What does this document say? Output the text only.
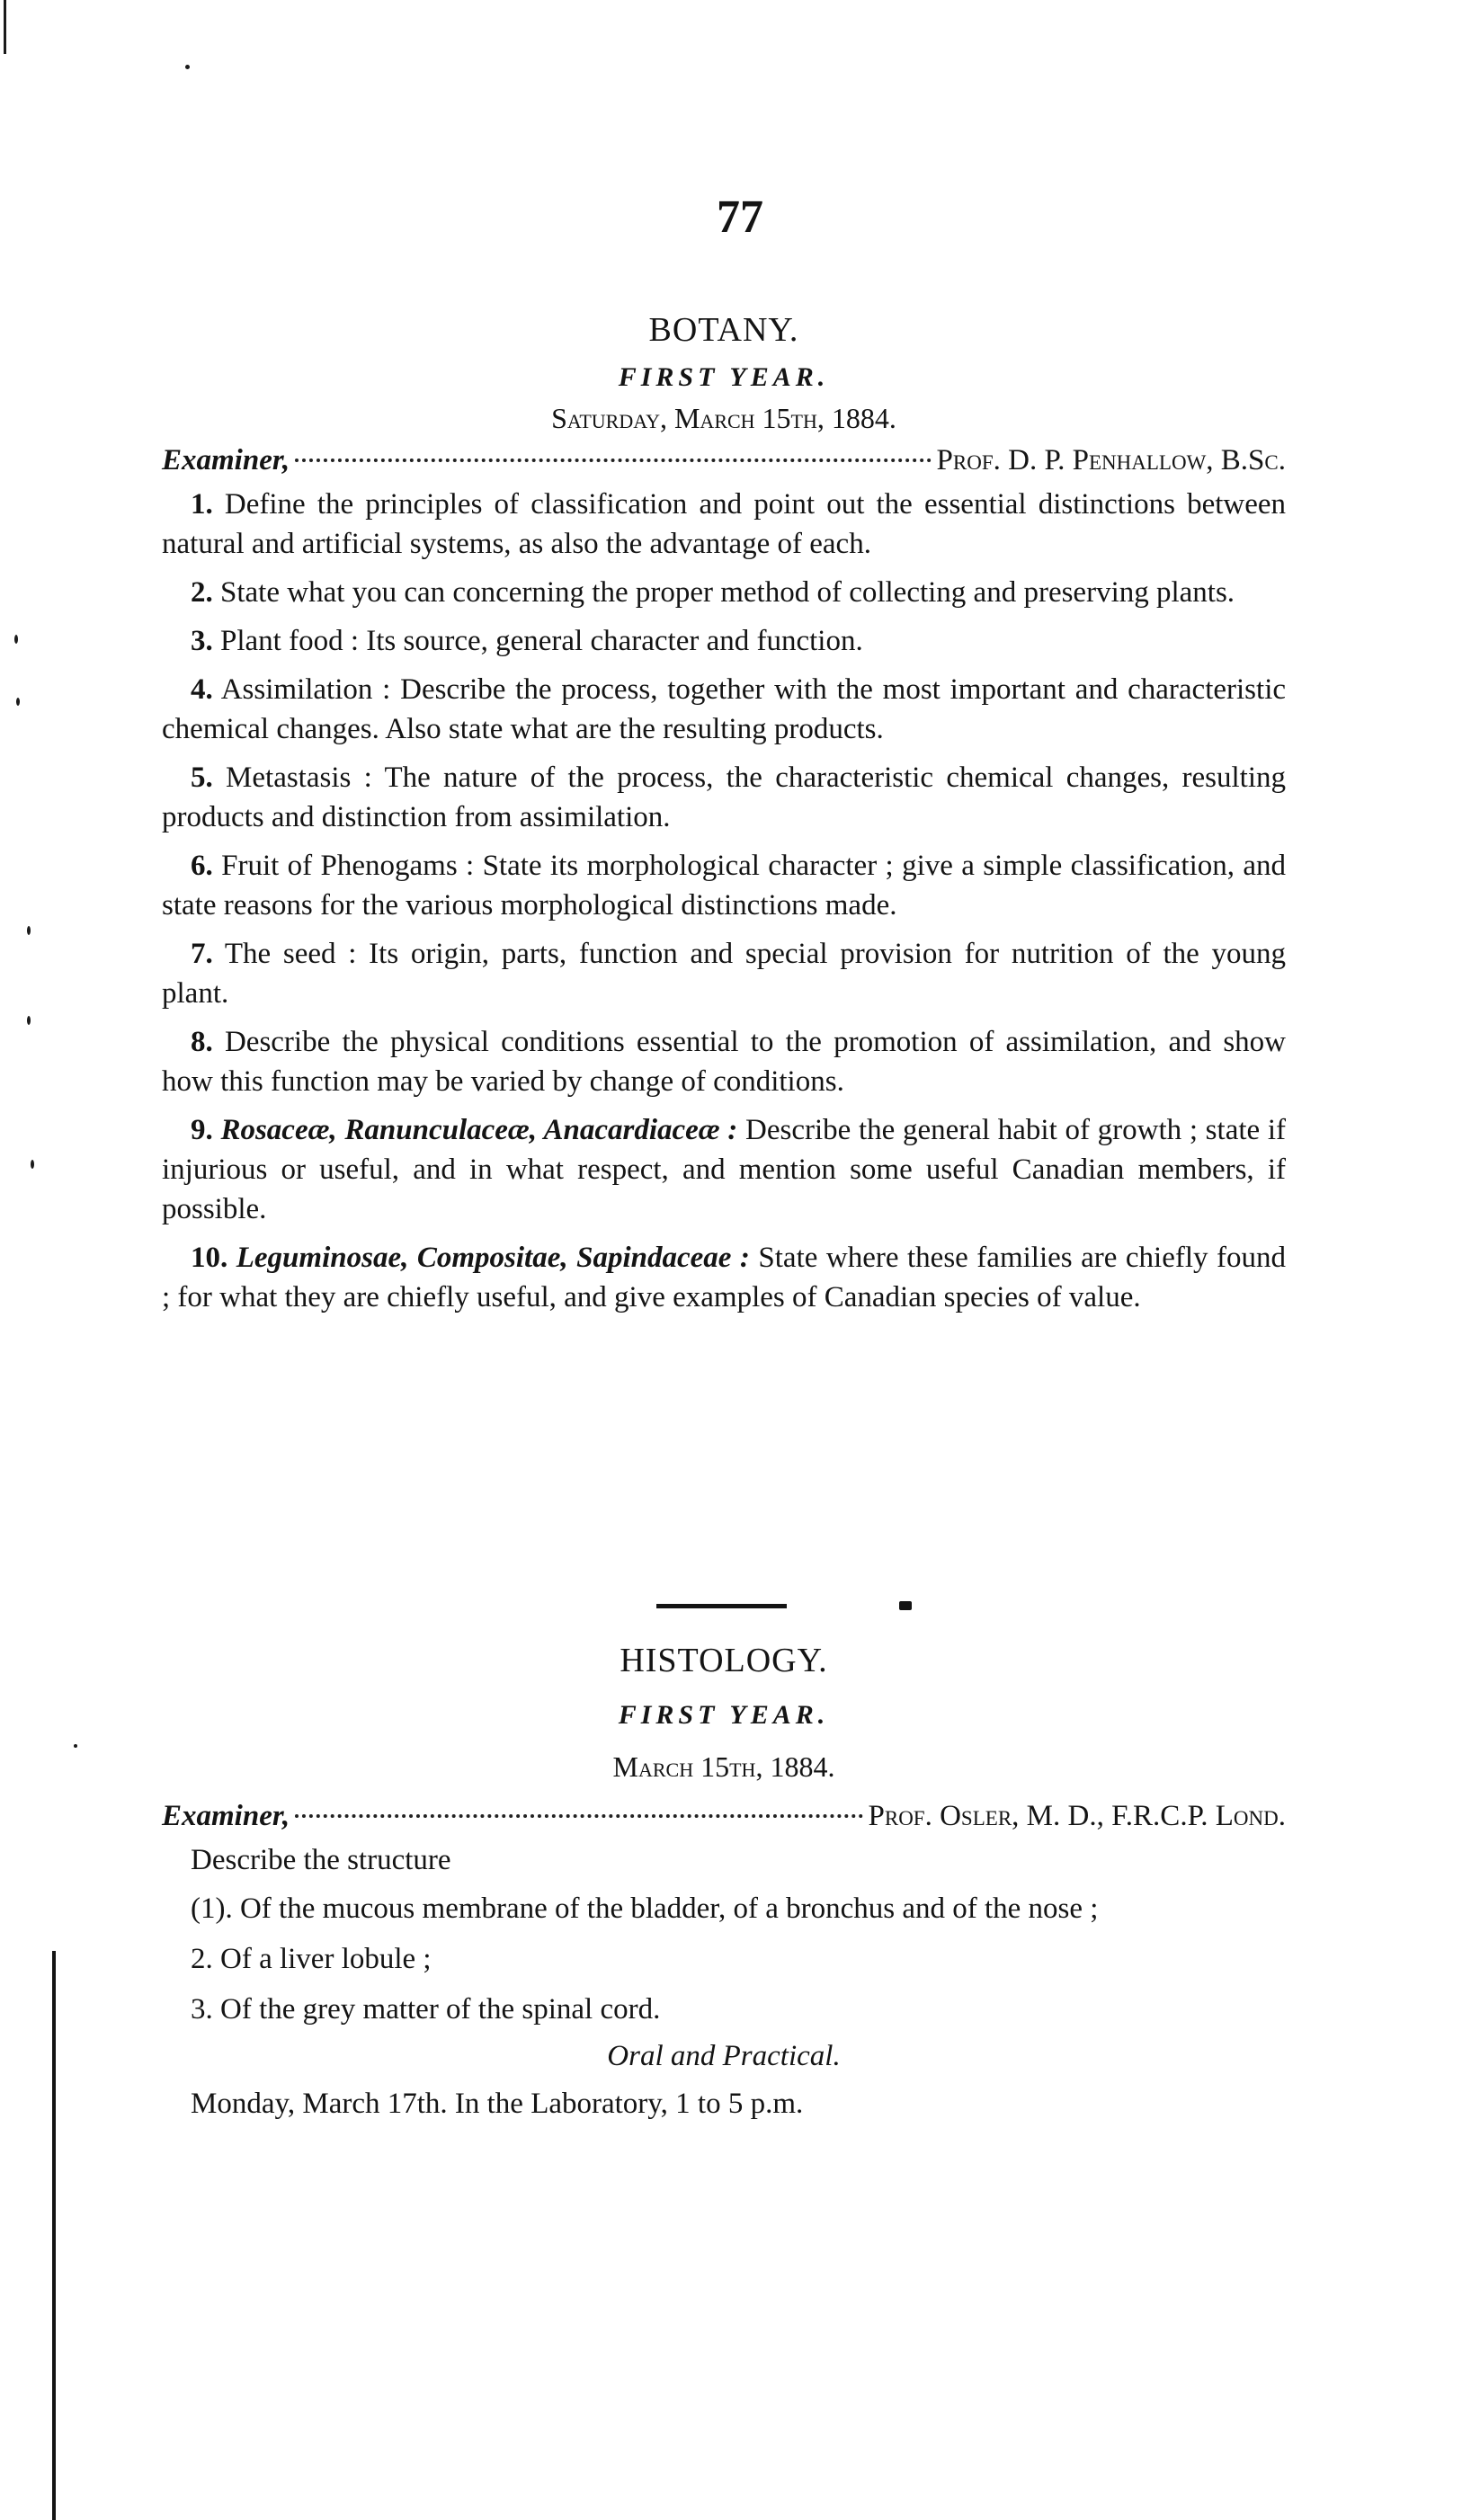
77

BOTANY.

FIRST YEAR.

Saturday, March 15th, 1884.

Examiner,	Prof. D. P. Penhallow, B.Sc.

1. Define the principles of classification and point out the essential distinctions between natural and artificial systems, as also the advantage of each.

2. State what you can concerning the proper method of collecting and preserving plants.

3. Plant food : Its source, general character and function.

4. Assimilation : Describe the process, together with the most important and characteristic chemical changes. Also state what are the resulting products.

5. Metastasis : The nature of the process, the characteristic chemical changes, resulting products and distinction from assimilation.

6. Fruit of Phenogams : State its morphological character ; give a simple classification, and state reasons for the various morphological distinctions made.

7. The seed : Its origin, parts, function and special provision for nutrition of the young plant.

8. Describe the physical conditions essential to the promotion of assimilation, and show how this function may be varied by change of conditions.

9. Rosaceæ, Ranunculaceæ, Anacardiaceæ : Describe the general habit of growth ; state if injurious or useful, and in what respect, and mention some useful Canadian members, if possible.

10. Leguminosae, Compositae, Sapindaceae : State where these families are chiefly found ; for what they are chiefly useful, and give examples of Canadian species of value.

HISTOLOGY.

FIRST YEAR.

March 15th, 1884.

Examiner,	Prof. Osler, M. D., F.R.C.P. Lond.

Describe the structure

(1). Of the mucous membrane of the bladder, of a bronchus and of the nose ;

2. Of a liver lobule ;

3. Of the grey matter of the spinal cord.

Oral and Practical.

Monday, March 17th. In the Laboratory, 1 to 5 p.m.
